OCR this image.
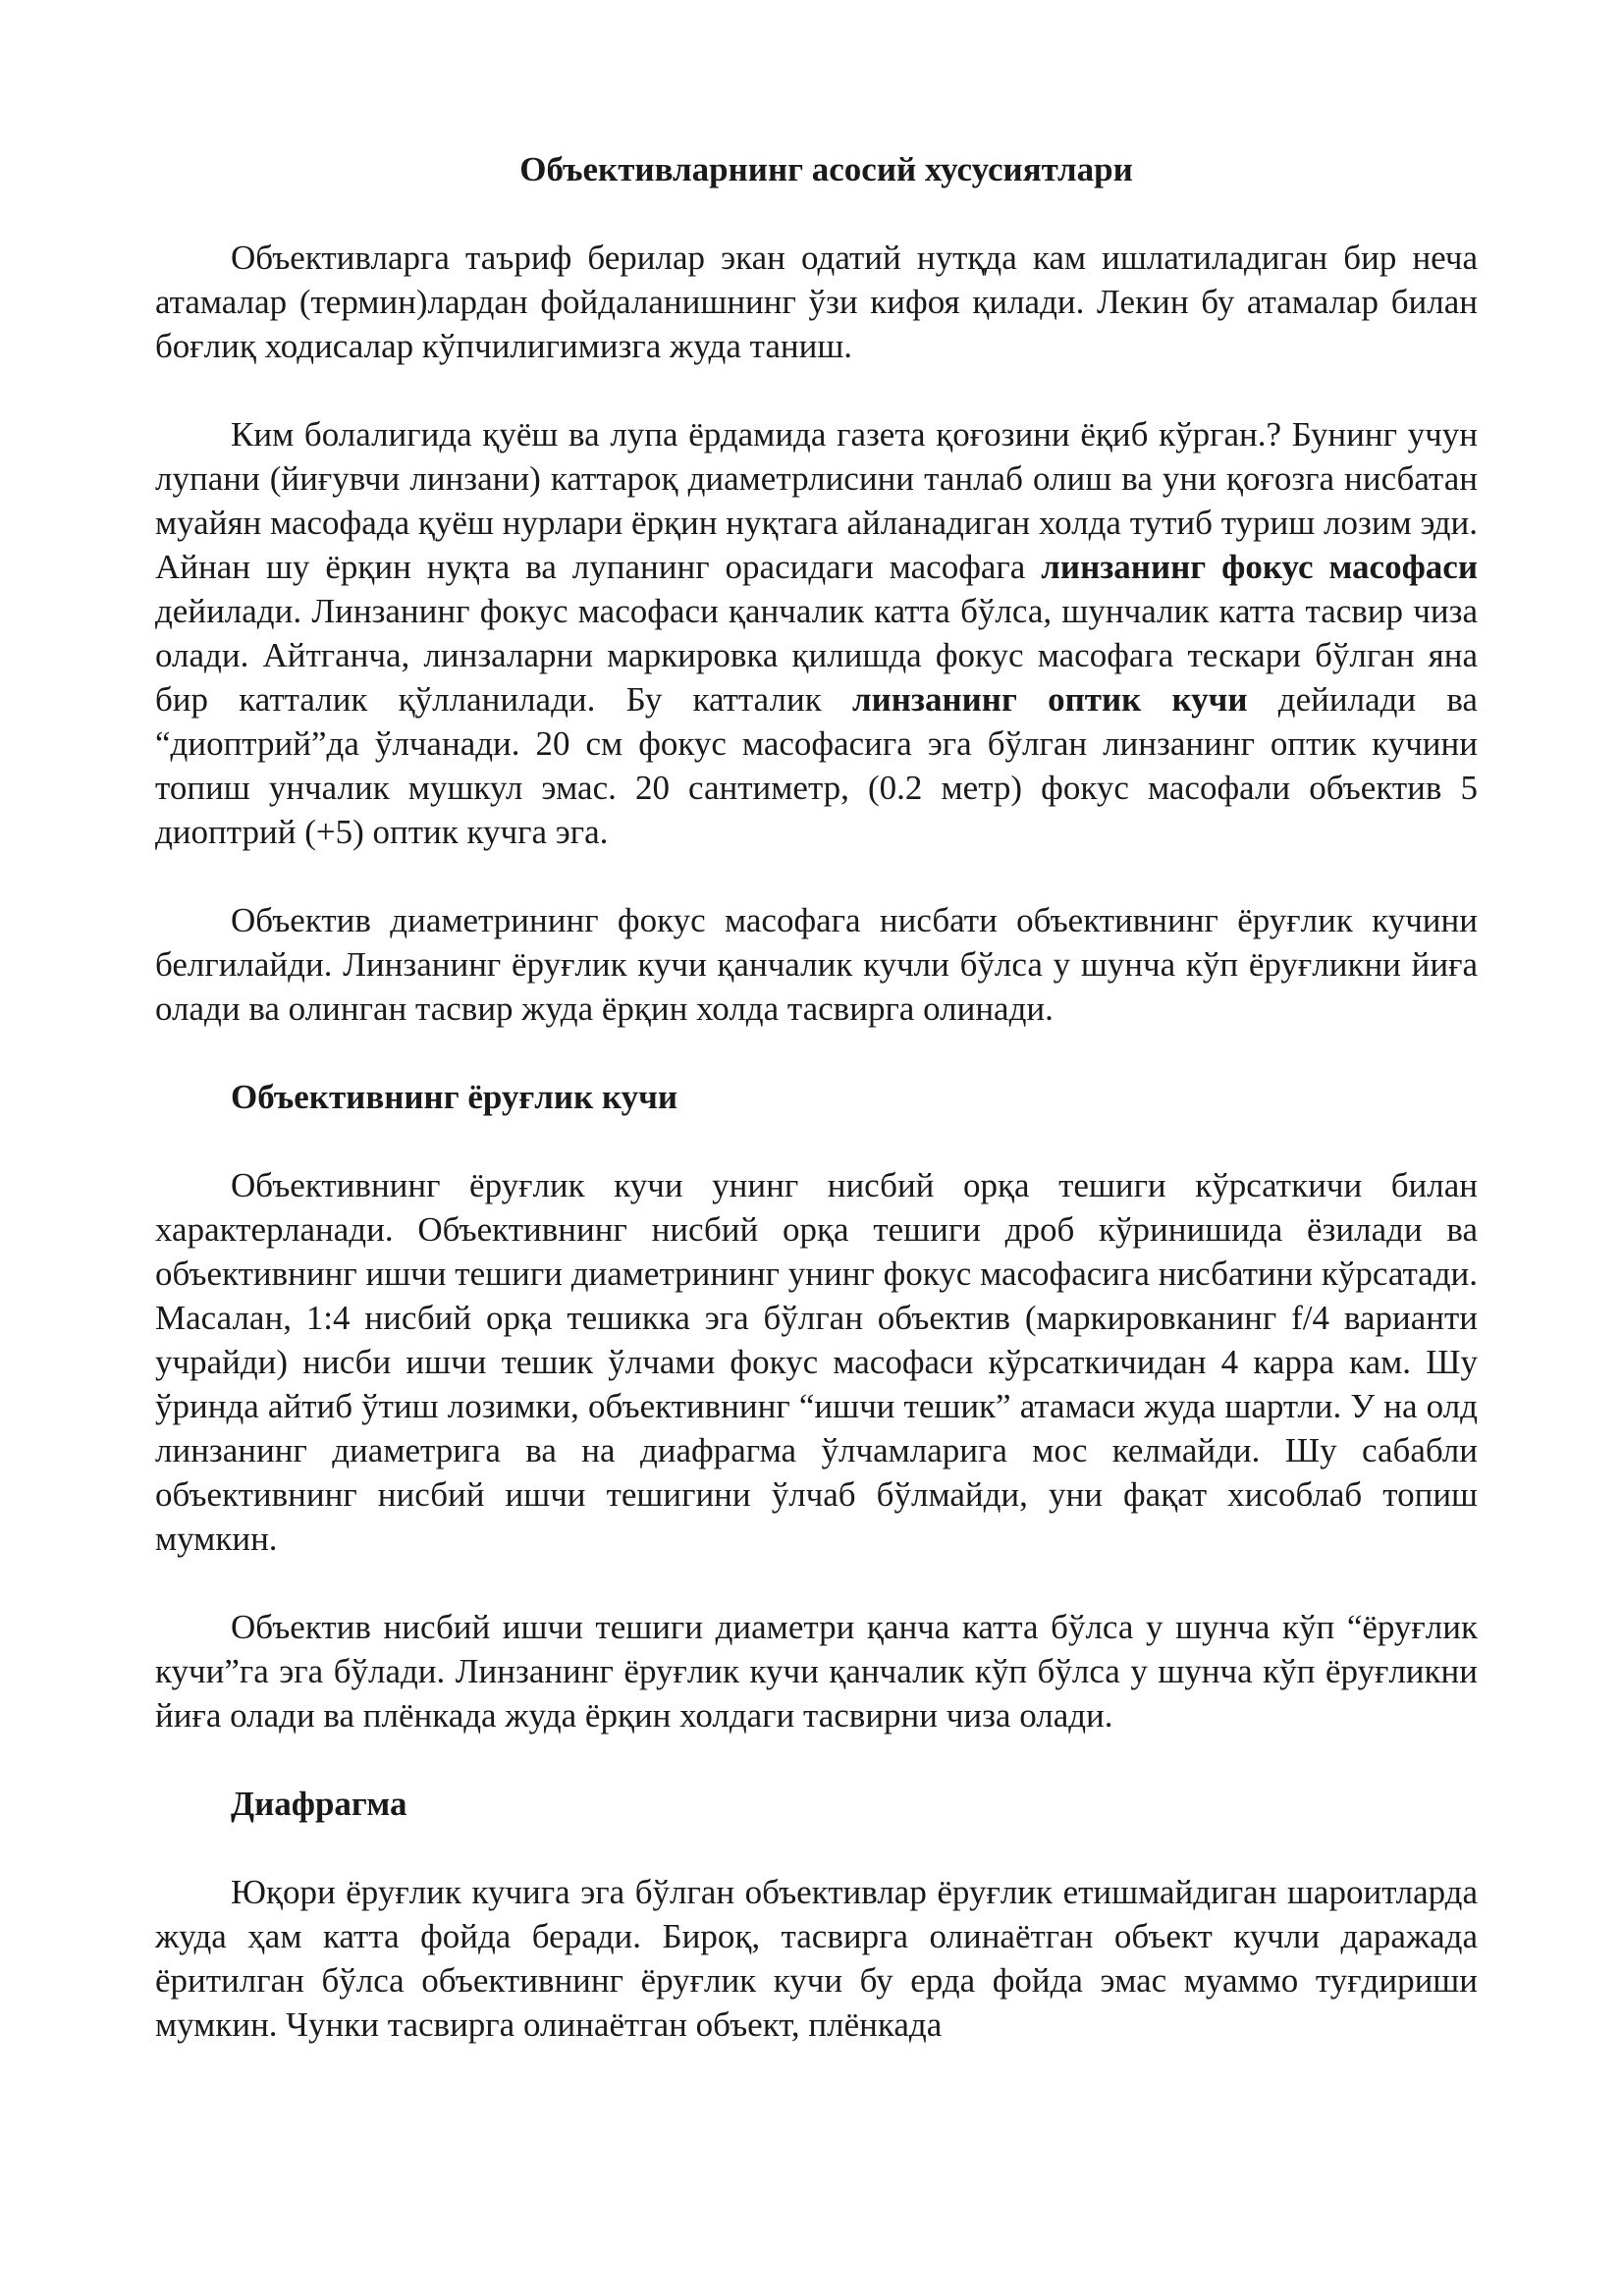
Объективларнинг асосий хусусиятлари

Объективларга таъриф берилар экан одатий нутқда кам ишлатиладиган бир неча атамалар (термин)лардан фойдаланишнинг ўзи кифоя қилади. Лекин бу атамалар билан боғлиқ ходисалар кўпчилигимизга жуда таниш.

Ким болалигида қуёш ва лупа ёрдамида газета қоғозини ёқиб кўрган.? Бунинг учун лупани (йиғувчи линзани) каттароқ диаметрлисини танлаб олиш ва уни қоғозга нисбатан муайян масофада қуёш нурлари ёрқин нуқтага айланадиган холда тутиб туриш лозим эди. Айнан шу ёрқин нуқта ва лупанинг орасидаги масофага линзанинг фокус масофаси дейилади. Линзанинг фокус масофаси қанчалик катта бўлса, шунчалик катта тасвир чиза олади. Айтганча, линзаларни маркировка қилишда фокус масофага тескари бўлган яна бир катталик қўлланилади. Бу катталик линзанинг оптик кучи дейилади ва “диоптрий”да ўлчанади. 20 см фокус масофасига эга бўлган линзанинг оптик кучини топиш унчалик мушкул эмас. 20 сантиметр, (0.2 метр) фокус масофали объектив 5 диоптрий (+5) оптик кучга эга.

Объектив диаметрининг фокус масофага нисбати объективнинг ёруғлик кучини белгилайди. Линзанинг ёруғлик кучи қанчалик кучли бўлса у шунча кўп ёруғликни йиға олади ва олинган тасвир жуда ёрқин холда тасвирга олинади.

Объективнинг ёруғлик кучи

Объективнинг ёруғлик кучи унинг нисбий орқа тешиги кўрсаткичи билан характерланади. Объективнинг нисбий орқа тешиги дроб кўринишида ёзилади ва объективнинг ишчи тешиги диаметрининг унинг фокус масофасига нисбатини кўрсатади. Масалан, 1:4 нисбий орқа тешикка эга бўлган объектив (маркировканинг f/4 варианти учрайди) нисби ишчи тешик ўлчами фокус масофаси кўрсаткичидан 4 карра кам. Шу ўринда айтиб ўтиш лозимки, объективнинг “ишчи тешик” атамаси жуда шартли. У на олд линзанинг диаметрига ва на диафрагма ўлчамларига мос келмайди. Шу сабабли объективнинг нисбий ишчи тешигини ўлчаб бўлмайди, уни фақат хисоблаб топиш мумкин.

Объектив нисбий ишчи тешиги диаметри қанча катта бўлса у шунча кўп “ёруғлик кучи”га эга бўлади. Линзанинг ёруғлик кучи қанчалик кўп бўлса у шунча кўп ёруғликни йиға олади ва плёнкада жуда ёрқин холдаги тасвирни чиза олади.

Диафрагма

Юқори ёруғлик кучига эга бўлган объективлар ёруғлик етишмайдиган шароитларда жуда ҳам катта фойда беради. Бироқ, тасвирга олинаётган объект кучли даражада ёритилган бўлса объективнинг ёруғлик кучи бу ерда фойда эмас муаммо туғдириши мумкин. Чунки тасвирга олинаётган объект, плёнкада
